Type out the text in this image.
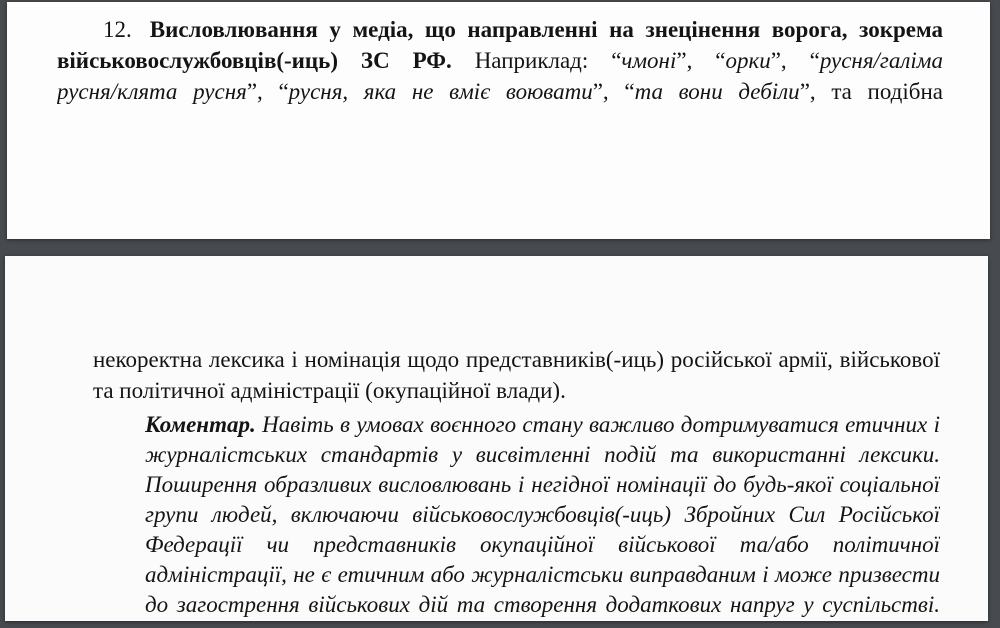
12. Висловлювання у медіа, що направленні на знецінення ворога, зокрема
військовослужбовців(-иць) ЗС РФ. Наприклад: “чмоні”, “орки”, “русня/галіма
русня/клята русня”, “русня, яка не вміє воювати”, “та вони дебіли”, та подібна
некоректна лексика і номінація щодо представників(-иць) російської армії, військової
та політичної адміністрації (окупаційної влади).
Коментар. Навіть в умовах воєнного стану важливо дотримуватися етичних і
журналістських стандартів у висвітленні подій та використанні лексики.
Поширення образливих висловлювань і негідної номінації до будь-якої соціальної
групи людей, включаючи військовослужбовців(-иць) Збройних Сил Російської
Федерації чи представників окупаційної військової та/або політичної
адміністрації, не є етичним або журналістськи виправданим і може призвести
до загострення військових дій та створення додаткових напруг у суспільстві.
